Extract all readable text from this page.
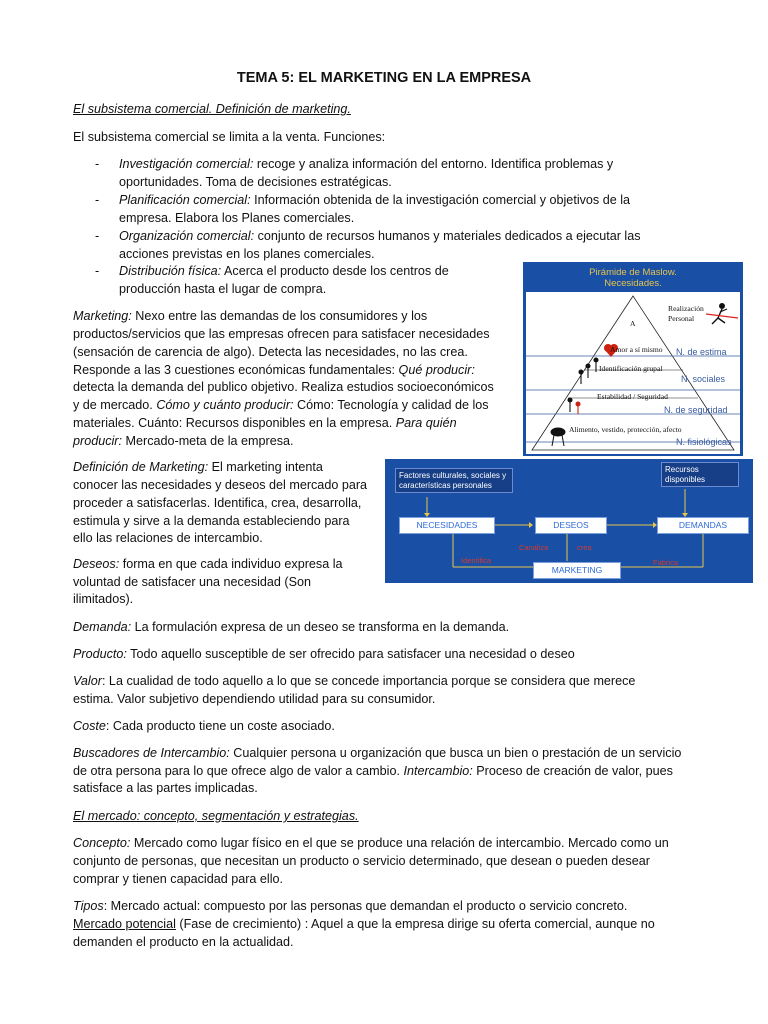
TEMA 5: EL MARKETING EN LA EMPRESA
El subsistema comercial. Definición de marketing.
El subsistema comercial se limita a la venta. Funciones:
- Investigación comercial: recoge y analiza información del entorno. Identifica problemas y
oportunidades. Toma de decisiones estratégicas.
- Planificación comercial: Información obtenida de la investigación comercial y objetivos de la
empresa. Elabora los Planes comerciales.
- Organización comercial: conjunto de recursos humanos y materiales dedicados a ejecutar las
acciones previstas en los planes comerciales.
- Distribución física: Acerca el producto desde los centros de
producción hasta el lugar de compra.
Marketing: Nexo entre las demandas de los consumidores y los
productos/servicios que las empresas ofrecen para satisfacer necesidades
(sensación de carencia de algo). Detecta las necesidades, no las crea.
Responde a las 3 cuestiones económicas fundamentales: Qué producir:
detecta la demanda del publico objetivo. Realiza estudios socioeconómicos
y de mercado. Cómo y cuánto producir: Cómo: Tecnología y calidad de los
materiales. Cuánto: Recursos disponibles en la empresa. Para quién
producir: Mercado-meta de la empresa.
Pirámide de Maslow.
Necesidades.
A
Realización
Personal
Amor a sí mismo N. de estima
Identificación grupal
N. sociales
Estabilidad / Seguridad
N. de seguridad
Alimento, vestido, protección, afecto
N. fisiológicas
Definición de Marketing: El marketing intenta
conocer las necesidades y deseos del mercado para
proceder a satisfacerlas. Identifica, crea, desarrolla,
estimula y sirve a la demanda estableciendo para
ello las relaciones de intercambio.
Factores culturales, sociales y características personales
Recursos disponibles
NECESIDADES	DESEOS	DEMANDAS
MARKETING
Identifica
Canaliza	crea
Fabrica
Deseos: forma en que cada individuo expresa la
voluntad de satisfacer una necesidad (Son
ilimitados).
Demanda: La formulación expresa de un deseo se transforma en la demanda.
Producto: Todo aquello susceptible de ser ofrecido para satisfacer una necesidad o deseo
Valor: La cualidad de todo aquello a lo que se concede importancia porque se considera que merece
estima. Valor subjetivo dependiendo utilidad para su consumidor.
Coste: Cada producto tiene un coste asociado.
Buscadores de Intercambio: Cualquier persona u organización que busca un bien o prestación de un servicio
de otra persona para lo que ofrece algo de valor a cambio. Intercambio: Proceso de creación de valor, pues
satisface a las partes implicadas.
El mercado: concepto, segmentación y estrategias.
Concepto: Mercado como lugar físico en el que se produce una relación de intercambio. Mercado como un
conjunto de personas, que necesitan un producto o servicio determinado, que desean o pueden desear
comprar y tienen capacidad para ello.
Tipos: Mercado actual: compuesto por las personas que demandan el producto o servicio concreto.
Mercado potencial (Fase de crecimiento) : Aquel a que la empresa dirige su oferta comercial, aunque no
demanden el producto en la actualidad.
